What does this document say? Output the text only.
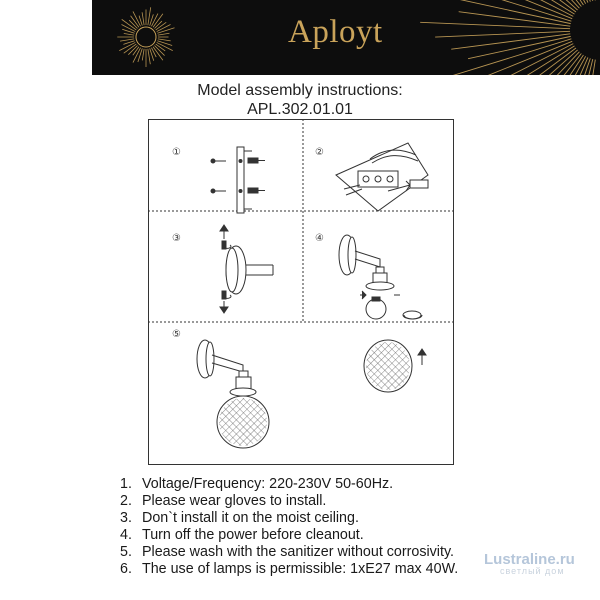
Aployt
Model assembly instructions:
APL.302.01.01
①	②
③	④
⑤
1. Voltage/Frequency: 220-230V 50-60Hz.
2. Please wear gloves to install.
3. Don`t install it on the moist ceiling.
4. Turn off the power before cleanout.
5. Please wash with the sanitizer without corrosivity.
6. The use of lamps is permissible: 1xE27 max 40W.
Lustraline.ru
светлый дом
